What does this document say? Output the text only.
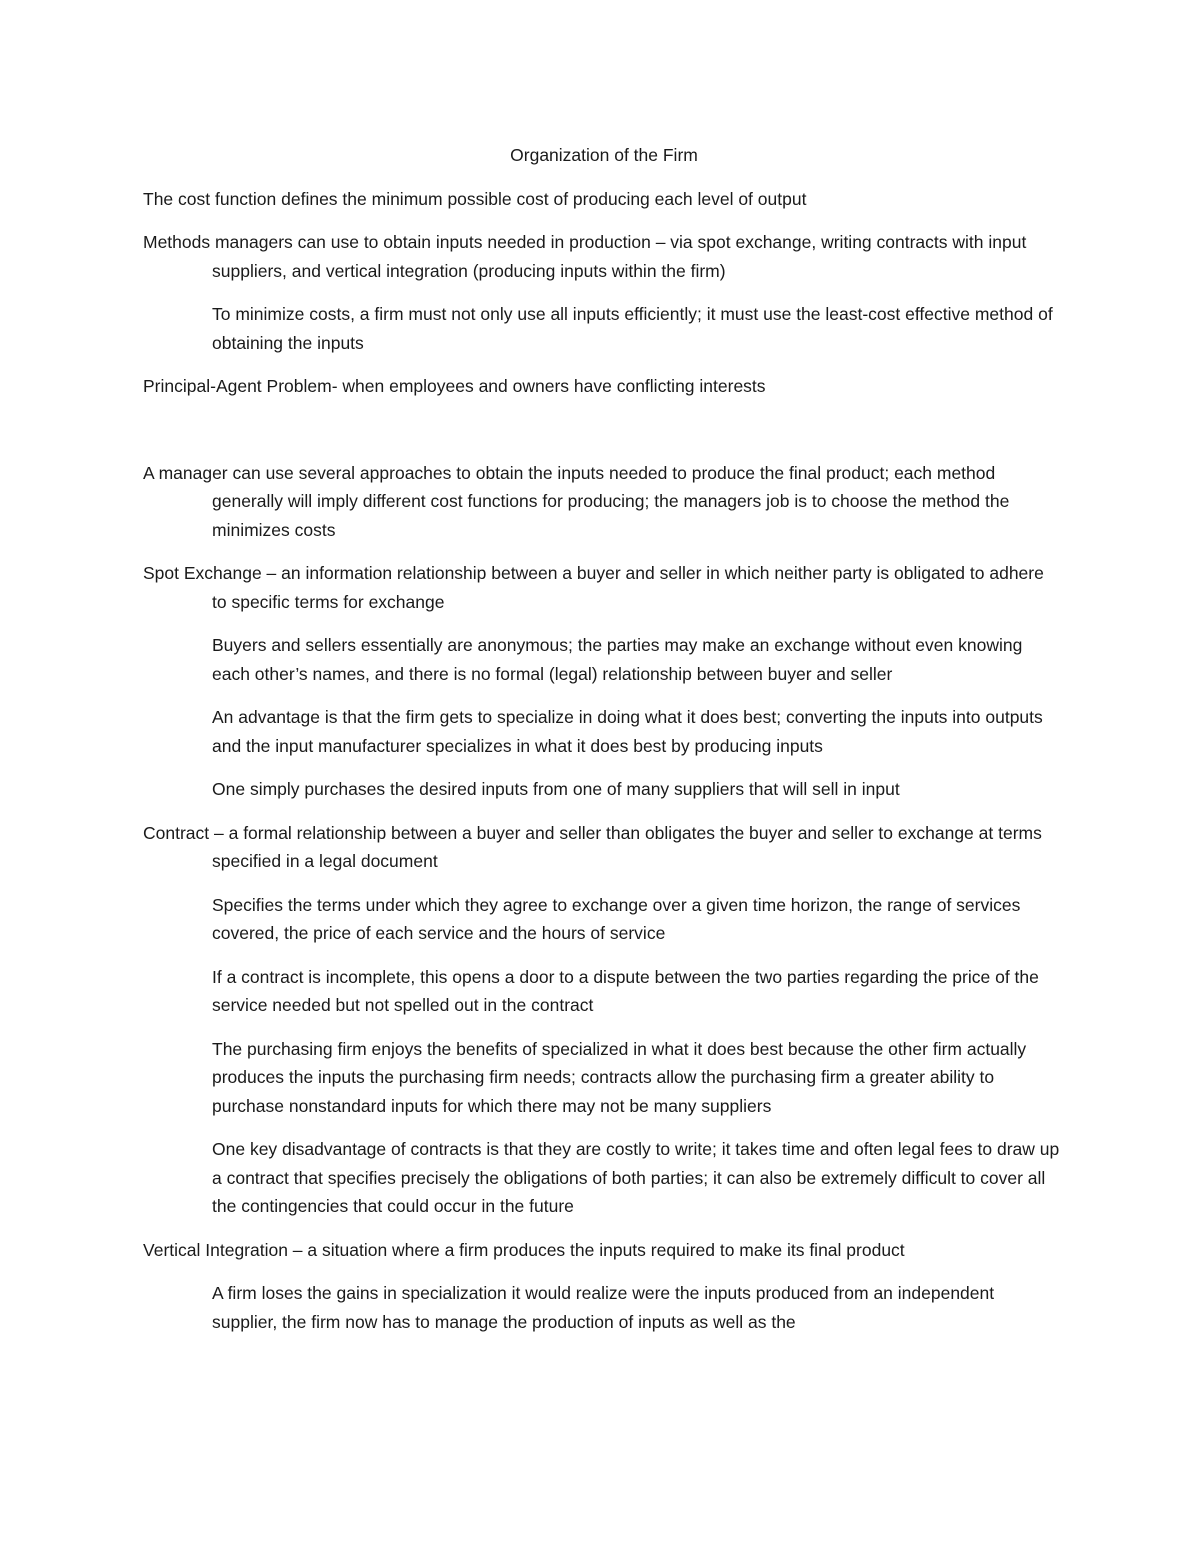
Organization of the Firm
The cost function defines the minimum possible cost of producing each level of output
Methods managers can use to obtain inputs needed in production – via spot exchange, writing contracts with input suppliers, and vertical integration (producing inputs within the firm)
To minimize costs, a firm must not only use all inputs efficiently; it must use the least-cost effective method of obtaining the inputs
Principal-Agent Problem- when employees and owners have conflicting interests
A manager can use several approaches to obtain the inputs needed to produce the final product; each method generally will imply different cost functions for producing; the managers job is to choose the method the minimizes costs
Spot Exchange – an information relationship between a buyer and seller in which neither party is obligated to adhere to specific terms for exchange
Buyers and sellers essentially are anonymous; the parties may make an exchange without even knowing each other’s names, and there is no formal (legal) relationship between buyer and seller
An advantage is that the firm gets to specialize in doing what it does best; converting the inputs into outputs and the input manufacturer specializes in what it does best by producing inputs
One simply purchases the desired inputs from one of many suppliers that will sell in input
Contract – a formal relationship between a buyer and seller than obligates the buyer and seller to exchange at terms specified in a legal document
Specifies the terms under which they agree to exchange over a given time horizon, the range of services covered, the price of each service and the hours of service
If a contract is incomplete, this opens a door to a dispute between the two parties regarding the price of the service needed but not spelled out in the contract
The purchasing firm enjoys the benefits of specialized in what it does best because the other firm actually produces the inputs the purchasing firm needs; contracts allow the purchasing firm a greater ability to purchase nonstandard inputs for which there may not be many suppliers
One key disadvantage of contracts is that they are costly to write; it takes time and often legal fees to draw up a contract that specifies precisely the obligations of both parties; it can also be extremely difficult to cover all the contingencies that could occur in the future
Vertical Integration – a situation where a firm produces the inputs required to make its final product
A firm loses the gains in specialization it would realize were the inputs produced from an independent supplier, the firm now has to manage the production of inputs as well as the
